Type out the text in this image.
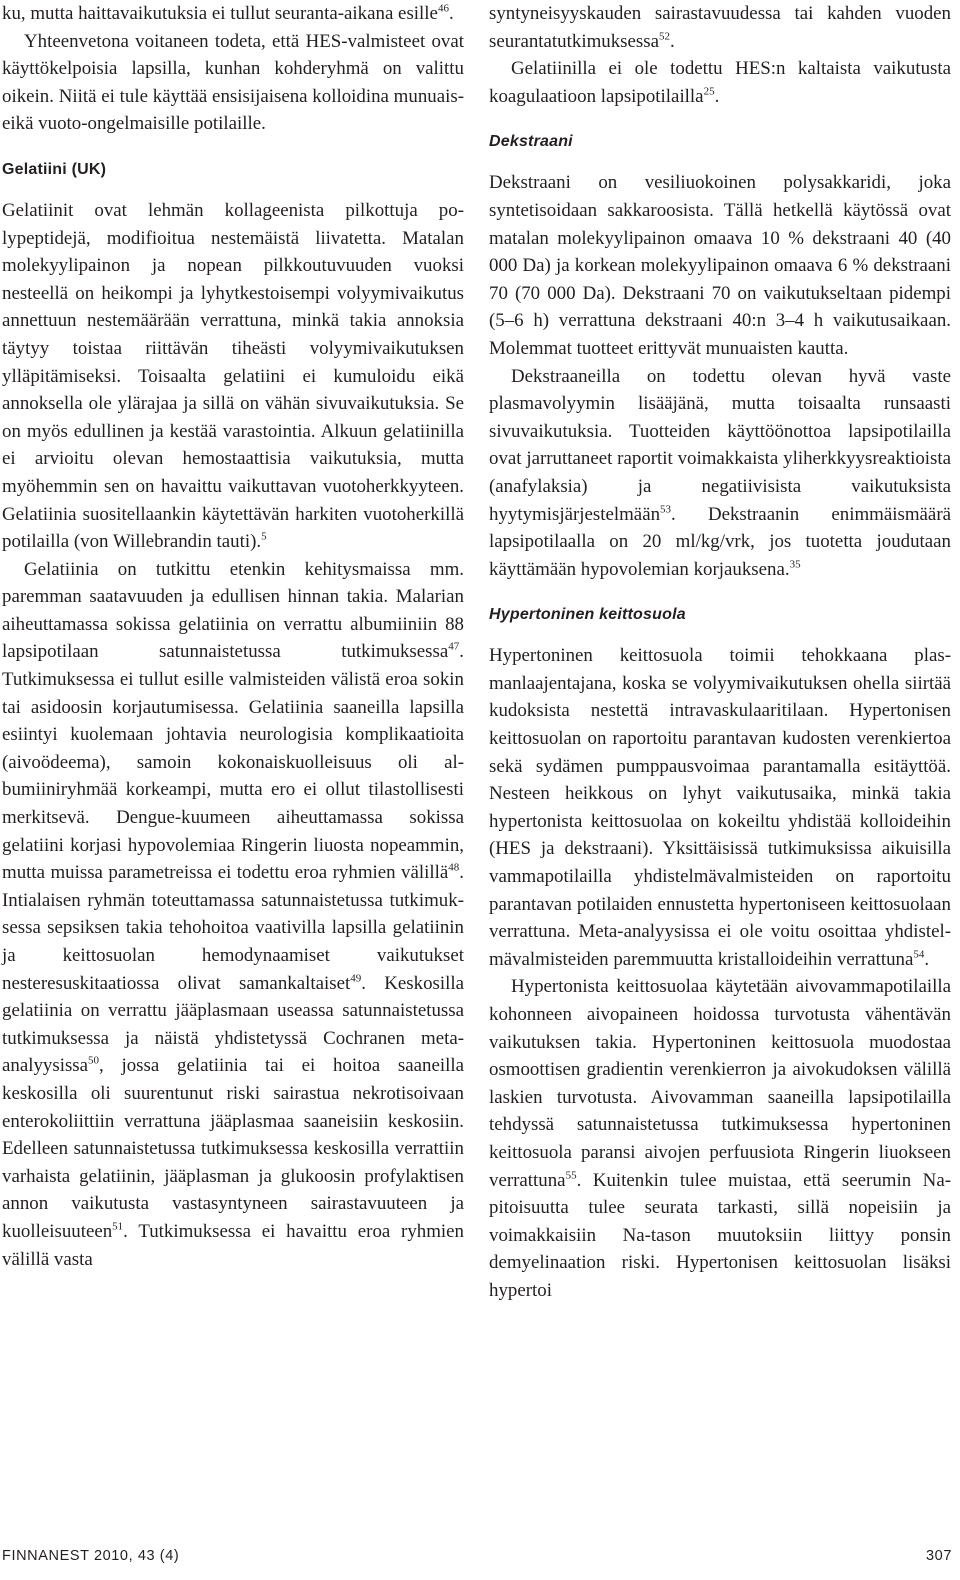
ku, mutta haittavaikutuksia ei tullut seuranta-aikana esille$^{46}$.

Yhteenvetona voitaneen todeta, että HES-valmisteet ovat käyttökelpoisia lapsilla, kunhan kohderyhmä on valittu oikein. Niitä ei tule käyttää ensisijaisena kolloidina munuais- eikä vuoto-ongelmaisille potilaille.

Gelatiini (UK)

Gelatiinit ovat lehmän kollageenista pilkottuja polypeptidejä, modifioitua nestemäistä liivatetta. Matalan molekyylipainon ja nopean pilkkoutuvuuden vuoksi nesteellä on heikompi ja lyhytkestoisempi volyymivaikutus annettuun nestemäärään verrattuna, minkä takia annoksia täytyy toistaa riittävän tiheästi volyymivaikutuksen ylläpitämiseksi. Toisaalta gelatiini ei kumuloidu eikä annoksella ole ylärajaa ja sillä on vähän sivuvaikutuksia. Se on myös edullinen ja kestää varastointia. Alkuun gelatiinilla ei arvioitu olevan hemostaattisia vaikutuksia, mutta myöhemmin sen on havaittu vaikuttavan vuotoherkkyyteen. Gelatiinia suositellaankin käytettävän harkiten vuotoherkillä potilailla (von Willebrandin tauti).$^5$

Gelatiinia on tutkittu etenkin kehitysmaissa mm. paremman saatavuuden ja edullisen hinnan takia. Malarian aiheuttamassa sokissa gelatiinia on verrattu albumiiniin 88 lapsipotilaan satunnaistetussa tutkimuksessa$^{47}$. Tutkimuksessa ei tullut esille valmisteiden välistä eroa sokin tai asidoosin korjautumisessa. Gelatiinia saaneilla lapsilla esiintyi kuolemaan johtavia neurologisia komplikaatioita (aivoödeema), samoin kokonaiskuolleisuus oli albumiiniryhmää korkeampi, mutta ero ei ollut tilastollisesti merkitsevä. Dengue-kuumeen aiheuttamassa sokissa gelatiini korjasi hypovolemiaa Ringerin liuosta nopeammin, mutta muissa parametreissa ei todettu eroa ryhmien välillä$^{48}$. Intialaisen ryhmän toteuttamassa satunnaistetussa tutkimuksessa sepsiksen takia tehohoitoa vaativilla lapsilla gelatiinin ja keittosuolan hemodynaamiset vaikutukset nesteresuskitaatiossa olivat samankaltaiset$^{49}$. Keskosilla gelatiinia on verrattu jääplasmaan useassa satunnaistetussa tutkimuksessa ja näistä yhdistetyssä Cochranen meta-analyysissa$^{50}$, jossa gelatiinia tai ei hoitoa saaneilla keskosilla oli suurentunut riski sairastua nekrotisoivaan enterokoliittiin verrattuna jääplasmaa saaneisiin keskosiin. Edelleen satunnaistetussa tutkimuksessa keskosilla verrattiin varhaista gelatiinin, jääplasman ja glukoosin profylaktisen annon vaikutusta vastasyntyneen sairastavuuteen ja kuolleisuuteen$^{51}$. Tutkimuksessa ei havaittu eroa ryhmien välillä vasta

syntyneisyyskauden sairastavuudessa tai kahden vuoden seurantatutkimuksessa$^{52}$.

Gelatiinilla ei ole todettu HES:n kaltaista vaikutusta koagulaatioon lapsipotilailla$^{25}$.

Dekstraani

Dekstraani on vesiliuokoinen polysakkaridi, joka syntetisoidaan sakkaroosista. Tällä hetkellä käytössä ovat matalan molekyylipainon omaava 10 % dekstraani 40 (40 000 Da) ja korkean molekyylipainon omaava 6 % dekstraani 70 (70 000 Da). Dekstraani 70 on vaikutukseltaan pidempi (5–6 h) verrattuna dekstraani 40:n 3–4 h vaikutusaikaan. Molemmat tuotteet erittyvät munuaisten kautta.

Dekstraaneilla on todettu olevan hyvä vaste plasmavolyymin lisääjänä, mutta toisaalta runsaasti sivuvaikutuksia. Tuotteiden käyttöönottoa lapsipotilailla ovat jarruttaneet raportit voimakkaista yliherkkyysreaktioista (anafylaksia) ja negatiivisista vaikutuksista hyytymisjärjestelmään$^{53}$. Dekstraanin enimmäismäärä lapsipotilaalla on 20 ml/​kg/vrk, jos tuotetta joudutaan käyttämään hypovolemian korjauksena.$^{35}$

Hypertoninen keittosuola

Hypertoninen keittosuola toimii tehokkaana plasmanlaajentajana, koska se volyymivaikutuksen ohella siirtää kudoksista nestettä intravaskulaaritilaan. Hypertonisen keittosuolan on raportoitu parantavan kudosten verenkiertoa sekä sydämen pumppausvoimaa parantamalla esitäyttöä. Nesteen heikkous on lyhyt vaikutusaika, minkä takia hypertonista keittosuolaa on kokeiltu yhdistää kolloideihin (HES ja dekstraani). Yksittäisissä tutkimuksissa aikuisilla vammapotilailla yhdistelmävalmisteiden on raportoitu parantavan potilaiden ennustetta hypertoniseen keittosuolaan verrattuna. Meta-analyysissa ei ole voitu osoittaa yhdistelmävalmisteiden paremmuutta kristalloideihin verrattuna$^{54}$.

Hypertonista keittosuolaa käytetään aivovammapotilailla kohonneen aivopaineen hoidossa turvotusta vähentävän vaikutuksen takia. Hypertoninen keittosuola muodostaa osmoottisen gradientin verenkierron ja aivokudoksen välillä laskien turvotusta. Aivovamman saaneilla lapsipotilailla tehdyssä satunnaistetussa tutkimuksessa hypertoninen keittosuola paransi aivojen perfuusiota Ringerin liuokseen verrattuna$^{55}$. Kuitenkin tulee muistaa, että seerumin Na-pitoisuutta tulee seurata tarkasti, sillä nopeisiin ja voimakkaisiin Na-tason muutoksiin liittyy ponsin demyelinaation riski. Hypertonisen keittosuolan lisäksi hypertoi

FINNANEST 2010, 43 (4)	307
